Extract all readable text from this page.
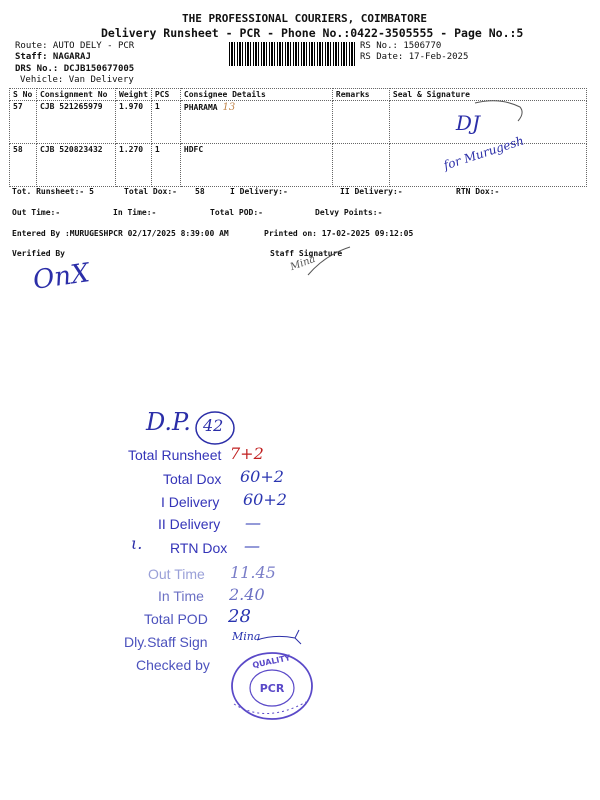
THE PROFESSIONAL COURIERS, COIMBATORE
Delivery Runsheet - PCR - Phone No.:0422-3505555 - Page No.:5
Route: AUTO DELY - PCR
Staff: NAGARAJ
DRS No.: DCJB150677005
Vehicle: Van Delivery
RS No.: 1506770
RS Date: 17-Feb-2025
S No	Consignment No	Weight	PCS	Consignee Details	Remarks	Seal & Signature
57	CJB 521265979	1.970	1	PHARAMA 13		DJ

58	CJB 520823432	1.270	1	HDFC		for Murugesh
Tot. Runsheet:- 5	Total Dox:- 58	I Delivery:-	II Delivery:-	RTN Dox:-
Out Time:-	In Time:-	Total POD:-	Delvy Points:-
Entered By :MURUGESHPCR 02/17/2025 8:39:00 AM	Printed on: 17-02-2025 09:12:05
Verified By	Staff Signature
OnX	Mina
D.P. 42
Total Runsheet 7+2
Total Dox 60+2
I Delivery 60+2
II Delivery —
RTN Dox —
ι.
Out Time 11.45
In Time 2.40
Total POD 28
Dly.Staff Sign Mina
Checked by
PCR
QUALITY
